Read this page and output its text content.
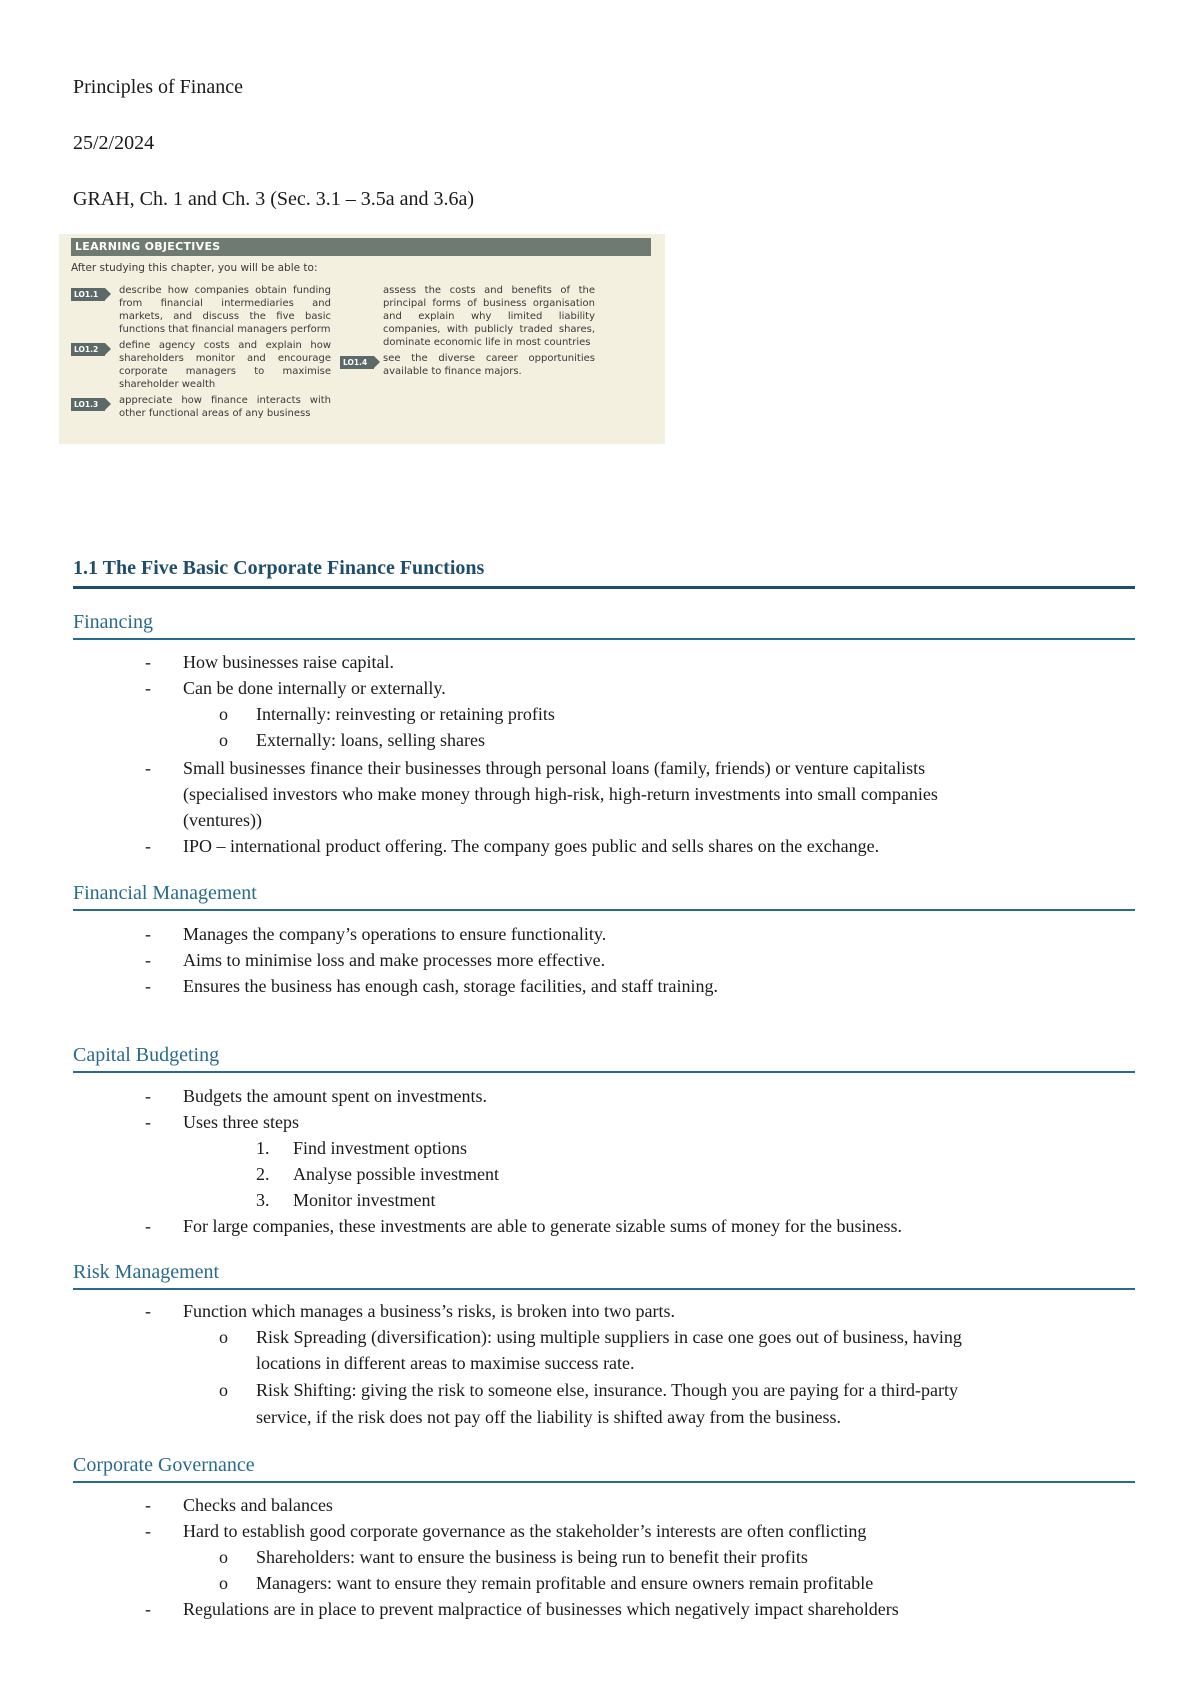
Principles of Finance
25/2/2024
GRAH, Ch. 1 and Ch. 3 (Sec. 3.1 – 3.5a and 3.6a)
LEARNING OBJECTIVES
After studying this chapter, you will be able to:
LO1.1	describe how companies obtain funding from financial intermediaries and markets, and discuss the five basic functions that financial managers perform
LO1.2	define agency costs and explain how shareholders monitor and encourage corporate managers to maximise shareholder wealth
LO1.3	appreciate how finance interacts with other functional areas of any business
assess the costs and benefits of the principal forms of business organisation and explain why limited liability companies, with publicly traded shares, dominate economic life in most countries
LO1.4	see the diverse career opportunities available to finance majors.
1.1 The Five Basic Corporate Finance Functions
Financing
- How businesses raise capital.
- Can be done internally or externally.
o Internally: reinvesting or retaining profits
o Externally: loans, selling shares
- Small businesses finance their businesses through personal loans (family, friends) or venture capitalists
(specialised investors who make money through high-risk, high-return investments into small companies
(ventures))
- IPO – international product offering. The company goes public and sells shares on the exchange.
Financial Management
- Manages the company’s operations to ensure functionality.
- Aims to minimise loss and make processes more effective.
- Ensures the business has enough cash, storage facilities, and staff training.
Capital Budgeting
- Budgets the amount spent on investments.
- Uses three steps
1. Find investment options
2. Analyse possible investment
3. Monitor investment
- For large companies, these investments are able to generate sizable sums of money for the business.
Risk Management
- Function which manages a business’s risks, is broken into two parts.
o Risk Spreading (diversification): using multiple suppliers in case one goes out of business, having
locations in different areas to maximise success rate.
o Risk Shifting: giving the risk to someone else, insurance. Though you are paying for a third-party
service, if the risk does not pay off the liability is shifted away from the business.
Corporate Governance
- Checks and balances
- Hard to establish good corporate governance as the stakeholder’s interests are often conflicting
o Shareholders: want to ensure the business is being run to benefit their profits
o Managers: want to ensure they remain profitable and ensure owners remain profitable
- Regulations are in place to prevent malpractice of businesses which negatively impact shareholders
